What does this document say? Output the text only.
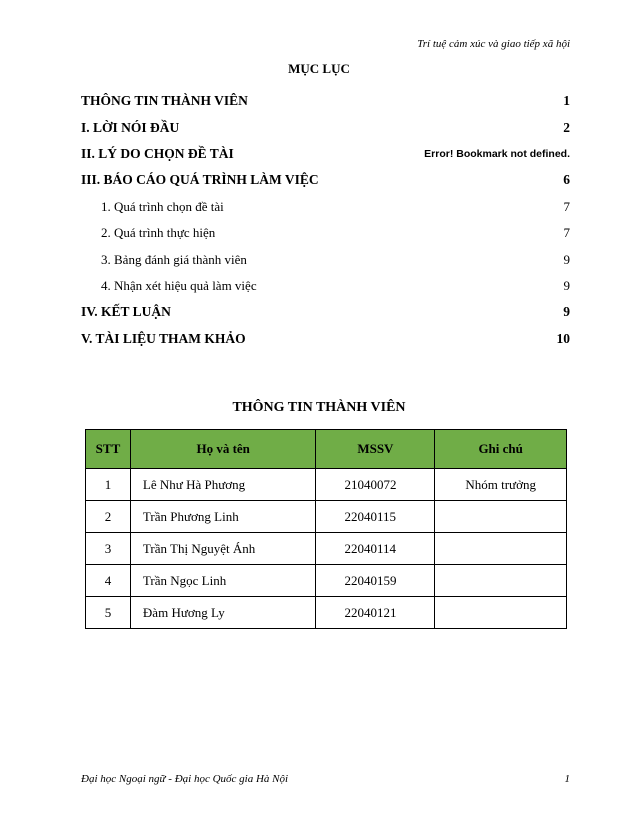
Trí tuệ cảm xúc và giao tiếp xã hội
MỤC LỤC
THÔNG TIN THÀNH VIÊN	1
I. LỜI NÓI ĐẦU	2
II. LÝ DO CHỌN ĐỀ TÀI	Error! Bookmark not defined.
III. BÁO CÁO QUÁ TRÌNH LÀM VIỆC	6
1. Quá trình chọn đề tài	7
2. Quá trình thực hiện	7
3. Bảng đánh giá thành viên	9
4. Nhận xét hiệu quả làm việc	9
IV. KẾT LUẬN	9
V. TÀI LIỆU THAM KHẢO	10
THÔNG TIN THÀNH VIÊN
STT	Họ và tên	MSSV	Ghi chú
1	Lê Như Hà Phương	21040072	Nhóm trưởng
2	Trần Phương Linh	22040115	
3	Trần Thị Nguyệt Ánh	22040114	
4	Trần Ngọc Linh	22040159	
5	Đàm Hương Ly	22040121	
Đại học Ngoại ngữ - Đại học Quốc gia Hà Nội	1
